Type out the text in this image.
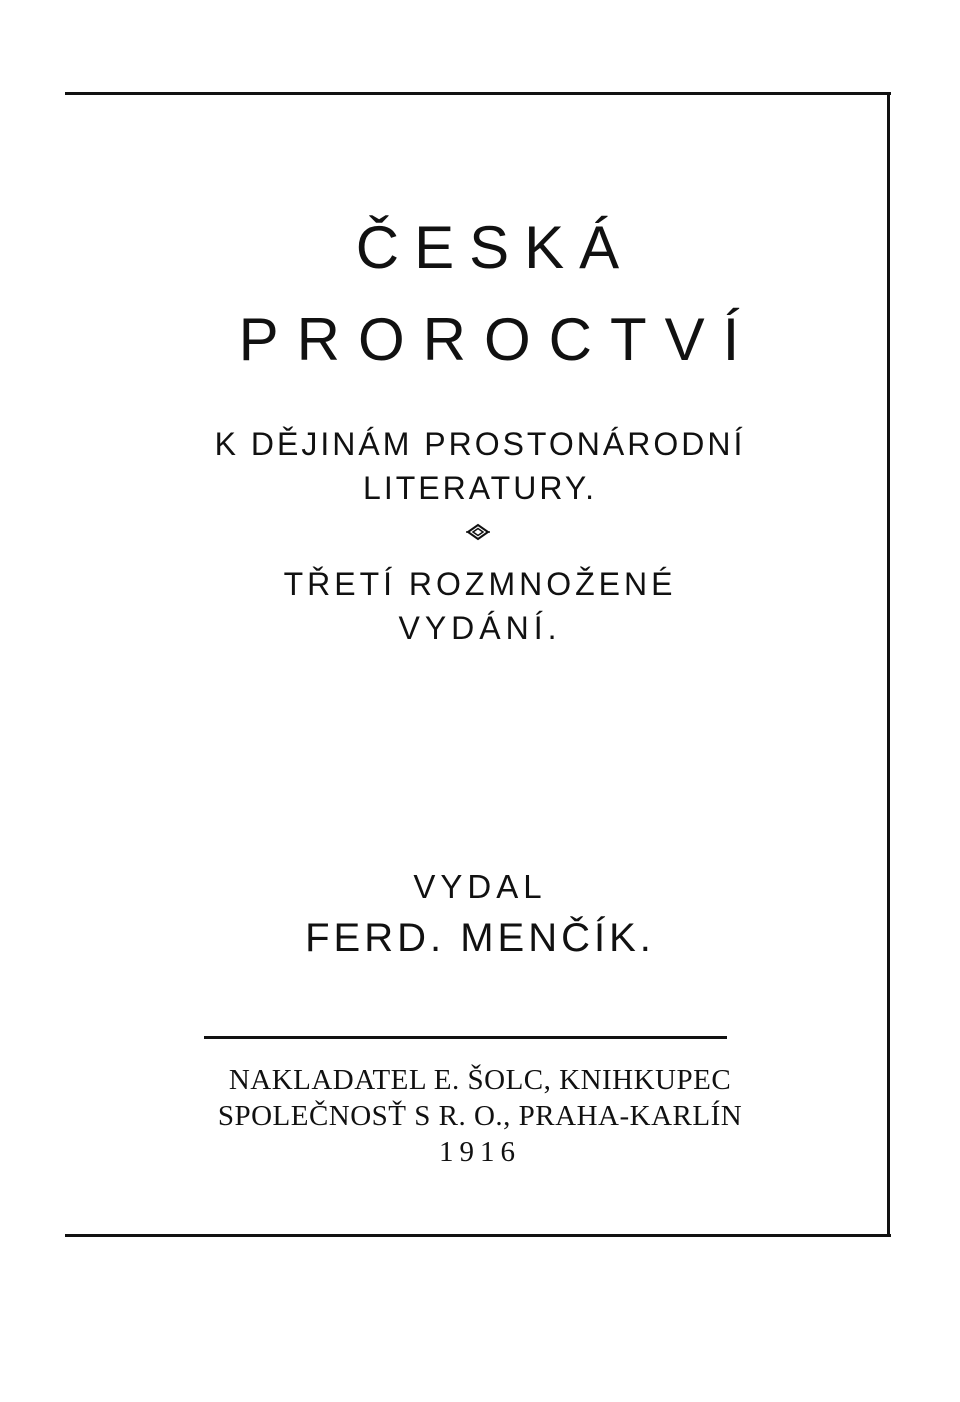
ČESKÁ
PROROCTVÍ

K DĚJINÁM PROSTONÁRODNÍ

LITERATURY.

TŘETÍ ROZMNOŽENÉ

VYDÁNÍ.

VYDAL

FERD. MENČÍK.

NAKLADATEL E. ŠOLC, KNIHKUPEC

SPOLEČNOSŤ S R. O., PRAHA-KARLÍN

1916
